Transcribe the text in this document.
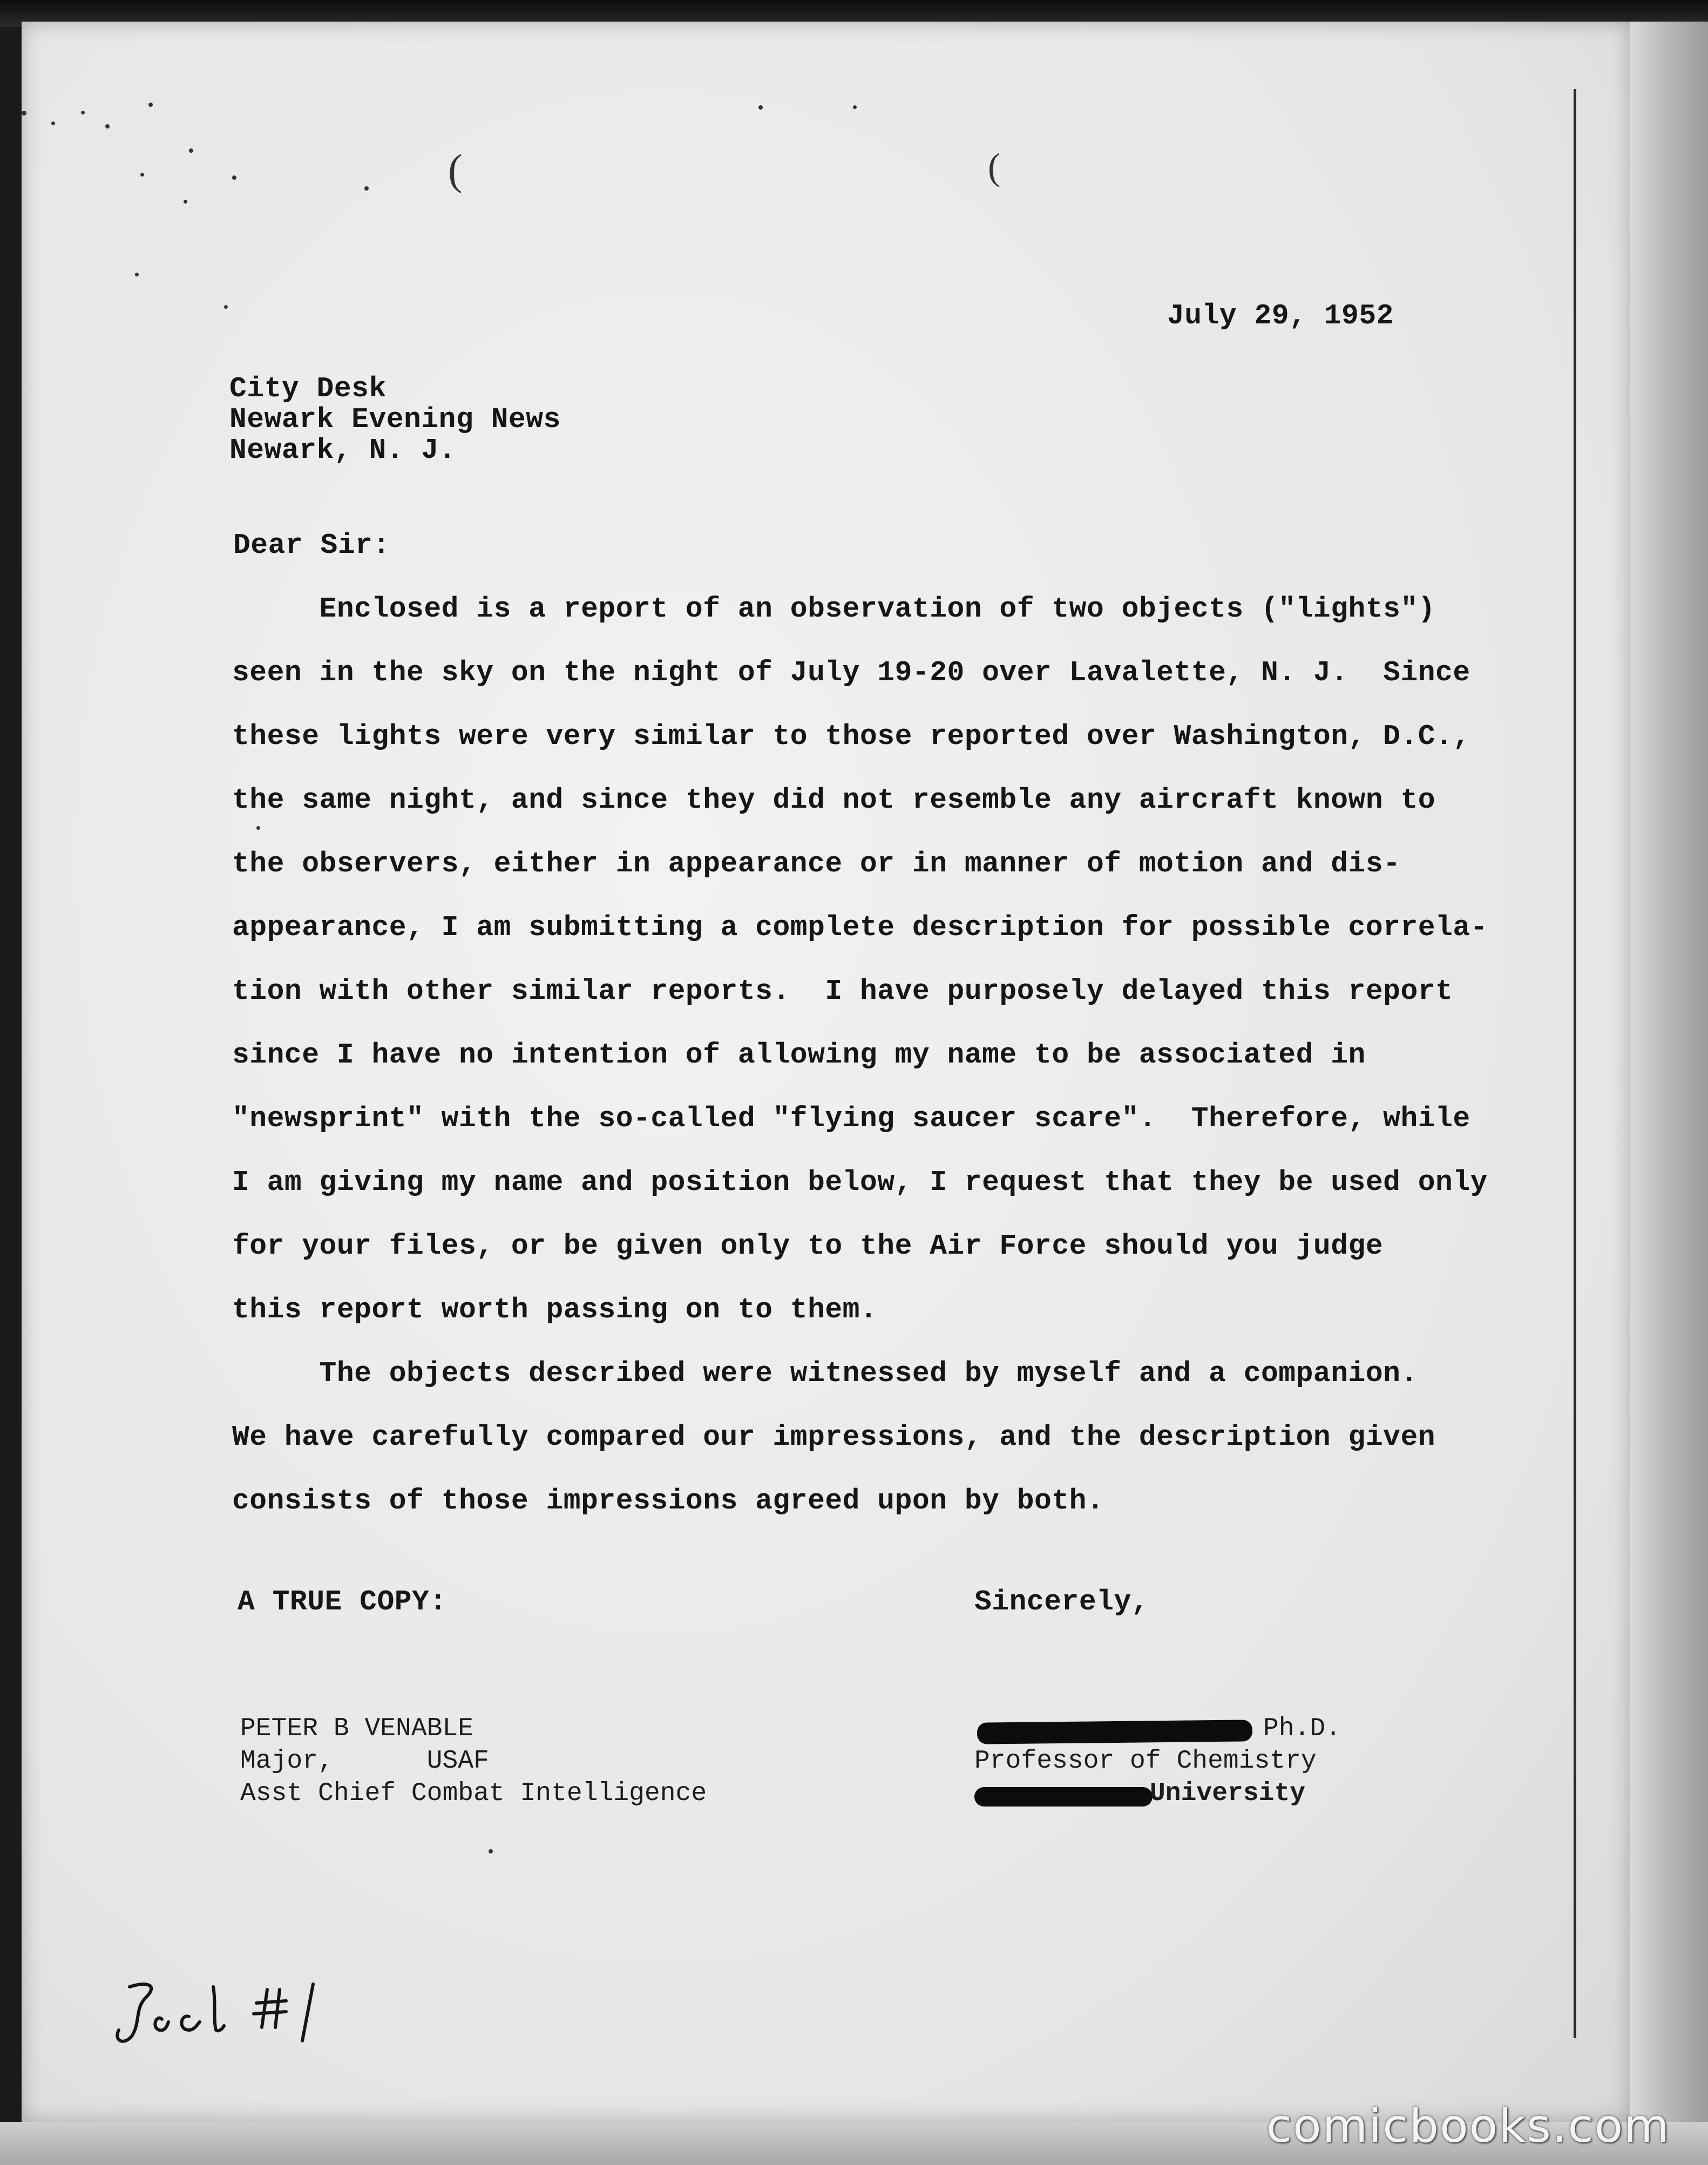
(	(
July 29, 1952
City Desk
Newark Evening News
Newark, N. J.
Dear Sir:
Enclosed is a report of an observation of two objects ("lights")
seen in the sky on the night of July 19-20 over Lavalette, N. J.  Since
these lights were very similar to those reported over Washington, D.C.,
the same night, and since they did not resemble any aircraft known to
the observers, either in appearance or in manner of motion and dis-
appearance, I am submitting a complete description for possible correla-
tion with other similar reports.  I have purposely delayed this report
since I have no intention of allowing my name to be associated in
"newsprint" with the so-called "flying saucer scare".  Therefore, while
I am giving my name and position below, I request that they be used only
for your files, or be given only to the Air Force should you judge
this report worth passing on to them.
The objects described were witnessed by myself and a companion.
We have carefully compared our impressions, and the description given
consists of those impressions agreed upon by both.
A TRUE COPY:	Sincerely,
PETER B VENABLE
Major,      USAF
Asst Chief Combat Intelligence
Ph.D.
Professor of Chemistry
University
comicbooks.com
